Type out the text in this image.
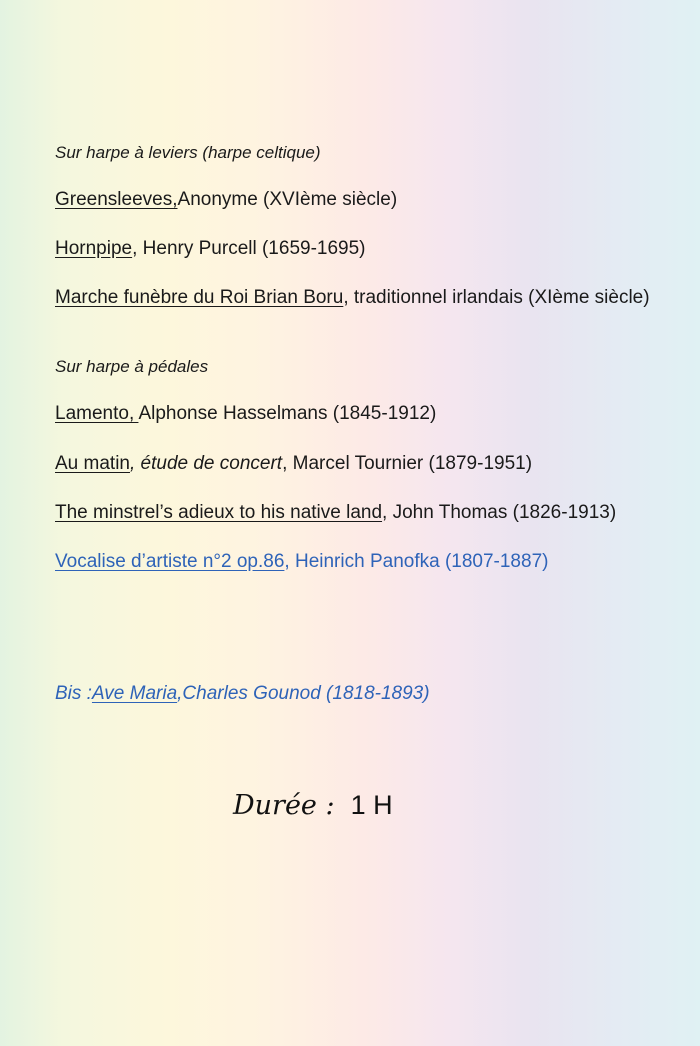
Sur harpe à leviers (harpe celtique)
Greensleeves,Anonyme (XVIème siècle)
Hornpipe, Henry Purcell (1659-1695)
Marche funèbre du Roi Brian Boru, traditionnel irlandais (XIème siècle)
Sur harpe à pédales
Lamento, Alphonse Hasselmans (1845-1912)
Au matin, étude de concert, Marcel Tournier (1879-1951)
The minstrel’s adieux to his native land, John Thomas (1826-1913)
Vocalise d’artiste n°2 op.86, Heinrich Panofka (1807-1887)
Bis :Ave Maria,Charles Gounod (1818-1893)
Durée : 1 H
